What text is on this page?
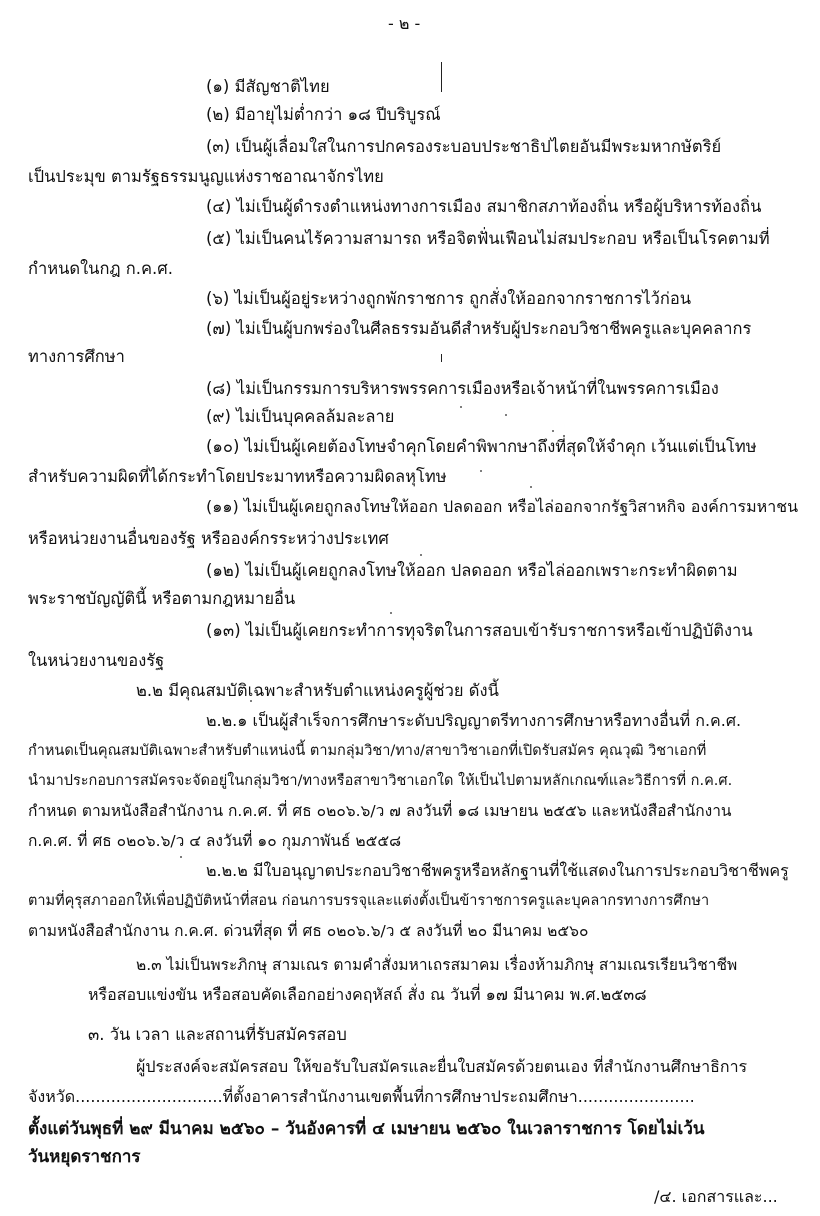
- ๒ -
(๑) มีสัญชาติไทย
(๒) มีอายุไม่ต่ำกว่า ๑๘ ปีบริบูรณ์
(๓) เป็นผู้เลื่อมใสในการปกครองระบอบประชาธิปไตยอันมีพระมหากษัตริย์
เป็นประมุข ตามรัฐธรรมนูญแห่งราชอาณาจักรไทย
(๔) ไม่เป็นผู้ดำรงตำแหน่งทางการเมือง สมาชิกสภาท้องถิ่น หรือผู้บริหารท้องถิ่น
(๕) ไม่เป็นคนไร้ความสามารถ หรือจิตฟั่นเฟือนไม่สมประกอบ หรือเป็นโรคตามที่
กำหนดในกฎ ก.ค.ศ.
(๖) ไม่เป็นผู้อยู่ระหว่างถูกพักราชการ ถูกสั่งให้ออกจากราชการไว้ก่อน
(๗) ไม่เป็นผู้บกพร่องในศีลธรรมอันดีสำหรับผู้ประกอบวิชาชีพครูและบุคคลากร
ทางการศึกษา
(๘) ไม่เป็นกรรมการบริหารพรรคการเมืองหรือเจ้าหน้าที่ในพรรคการเมือง
(๙) ไม่เป็นบุคคลล้มละลาย
(๑๐) ไม่เป็นผู้เคยต้องโทษจำคุกโดยคำพิพากษาถึงที่สุดให้จำคุก เว้นแต่เป็นโทษ
สำหรับความผิดที่ได้กระทำโดยประมาทหรือความผิดลหุโทษ
(๑๑) ไม่เป็นผู้เคยถูกลงโทษให้ออก ปลดออก หรือไล่ออกจากรัฐวิสาหกิจ องค์การมหาชน
หรือหน่วยงานอื่นของรัฐ หรือองค์กรระหว่างประเทศ
(๑๒) ไม่เป็นผู้เคยถูกลงโทษให้ออก ปลดออก หรือไล่ออกเพราะกระทำผิดตาม
พระราชบัญญัตินี้ หรือตามกฎหมายอื่น
(๑๓) ไม่เป็นผู้เคยกระทำการทุจริตในการสอบเข้ารับราชการหรือเข้าปฏิบัติงาน
ในหน่วยงานของรัฐ
๒.๒ มีคุณสมบัติเฉพาะสำหรับตำแหน่งครูผู้ช่วย ดังนี้
๒.๒.๑ เป็นผู้สำเร็จการศึกษาระดับปริญญาตรีทางการศึกษาหรือทางอื่นที่ ก.ค.ศ.
กำหนดเป็นคุณสมบัติเฉพาะสำหรับตำแหน่งนี้ ตามกลุ่มวิชา/ทาง/สาขาวิชาเอกที่เปิดรับสมัคร คุณวุฒิ วิชาเอกที่
นำมาประกอบการสมัครจะจัดอยู่ในกลุ่มวิชา/ทางหรือสาขาวิชาเอกใด ให้เป็นไปตามหลักเกณฑ์และวิธีการที่ ก.ค.ศ.
กำหนด ตามหนังสือสำนักงาน ก.ค.ศ. ที่ ศธ ๐๒๐๖.๖/ว ๗ ลงวันที่ ๑๘ เมษายน ๒๕๕๖ และหนังสือสำนักงาน
ก.ค.ศ. ที่ ศธ ๐๒๐๖.๖/ว ๔ ลงวันที่ ๑๐ กุมภาพันธ์ ๒๕๕๘
๒.๒.๒ มีใบอนุญาตประกอบวิชาชีพครูหรือหลักฐานที่ใช้แสดงในการประกอบวิชาชีพครู
ตามที่คุรุสภาออกให้เพื่อปฏิบัติหน้าที่สอน ก่อนการบรรจุและแต่งตั้งเป็นข้าราชการครูและบุคลากรทางการศึกษา
ตามหนังสือสำนักงาน ก.ค.ศ. ด่วนที่สุด ที่ ศธ ๐๒๐๖.๖/ว ๕ ลงวันที่ ๒๐ มีนาคม ๒๕๖๐
๒.๓ ไม่เป็นพระภิกษุ สามเณร ตามคำสั่งมหาเถรสมาคม เรื่องห้ามภิกษุ สามเณรเรียนวิชาชีพ
หรือสอบแข่งขัน หรือสอบคัดเลือกอย่างคฤหัสถ์ สั่ง ณ วันที่ ๑๗ มีนาคม พ.ศ.๒๕๓๘
๓. วัน เวลา และสถานที่รับสมัครสอบ
ผู้ประสงค์จะสมัครสอบ ให้ขอรับใบสมัครและยื่นใบสมัครด้วยตนเอง ที่สำนักงานศึกษาธิการ
จังหวัด.............................ที่ตั้งอาคารสำนักงานเขตพื้นที่การศึกษาประถมศึกษา.......................
ตั้งแต่วันพุธที่ ๒๙ มีนาคม ๒๕๖๐ – วันอังคารที่ ๔ เมษายน ๒๕๖๐ ในเวลาราชการ โดยไม่เว้น
วันหยุดราชการ
/๔. เอกสารและ...
